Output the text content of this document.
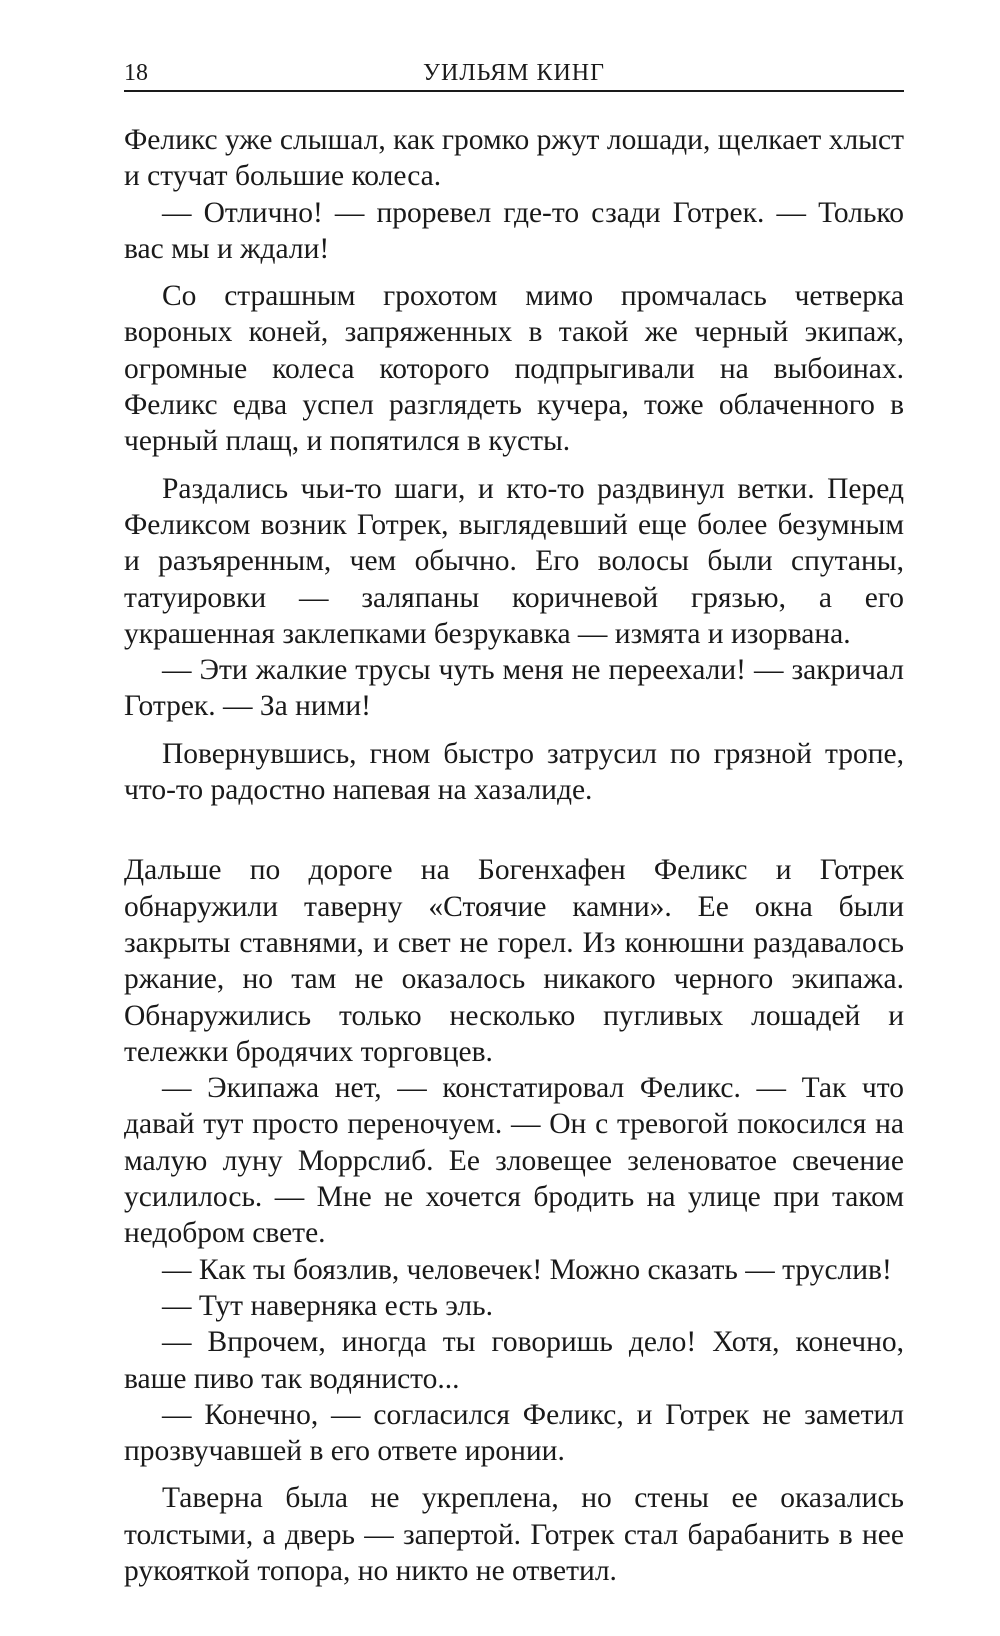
18	УИЛЬЯМ КИНГ

Феликс уже слышал, как громко ржут лошади, щелкает хлыст и стучат большие колеса.

— Отлично! — проревел где-то сзади Готрек. — Только вас мы и ждали!

Со страшным грохотом мимо промчалась четверка вороных коней, запряженных в такой же черный экипаж, огромные колеса которого подпрыгивали на выбоинах. Феликс едва успел разглядеть кучера, тоже облаченного в черный плащ, и попятился в кусты.

Раздались чьи-то шаги, и кто-то раздвинул ветки. Перед Феликсом возник Готрек, выглядевший еще более безумным и разъяренным, чем обычно. Его волосы были спутаны, татуировки — заляпаны коричневой грязью, а его украшенная заклепками безрукавка — измята и изорвана.

— Эти жалкие трусы чуть меня не переехали! — закричал Готрек. — За ними!

Повернувшись, гном быстро затрусил по грязной тропе, что-то радостно напевая на хазалиде.

Дальше по дороге на Богенхафен Феликс и Готрек обнаружили таверну «Стоячие камни». Ее окна были закрыты ставнями, и свет не горел. Из конюшни раздавалось ржание, но там не оказалось никакого черного экипажа. Обнаружились только несколько пугливых лошадей и тележки бродячих торговцев.

— Экипажа нет, — констатировал Феликс. — Так что давай тут просто переночуем. — Он с тревогой покосился на малую луну Моррслиб. Ее зловещее зеленоватое свечение усилилось. — Мне не хочется бродить на улице при таком недобром свете.

— Как ты боязлив, человечек! Можно сказать — труслив!

— Тут наверняка есть эль.

— Впрочем, иногда ты говоришь дело! Хотя, конечно, ваше пиво так водянисто...

— Конечно, — согласился Феликс, и Готрек не заметил прозвучавшей в его ответе иронии.

Таверна была не укреплена, но стены ее оказались толстыми, а дверь — запертой. Готрек стал барабанить в нее рукояткой топора, но никто не ответил.
